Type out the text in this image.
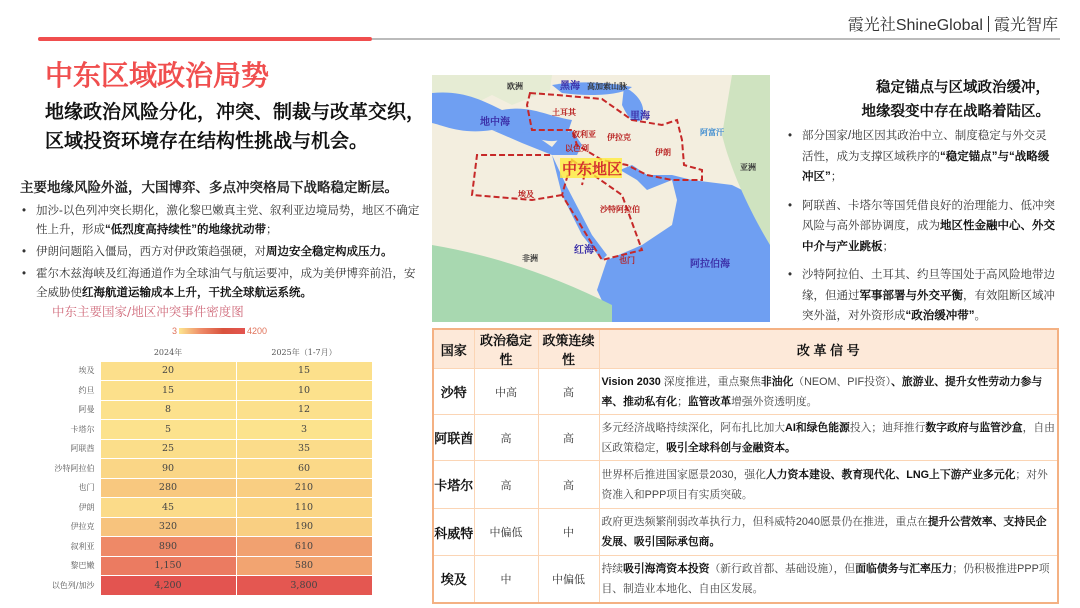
霞光社ShineGlobal 霞光智库
中东区域政治局势
地缘政治风险分化，冲突、制裁与改革交织，
区域投资环境存在结构性挑战与机会。
主要地缘风险外溢，大国博弈、多点冲突格局下战略稳定断层。
• 加沙-以色列冲突长期化，激化黎巴嫩真主党、叙利亚边境局势，地区不确定性上升，形成“低烈度高持续性”的地缘扰动带；
• 伊朗问题陷入僵局，西方对伊政策趋强硬，对周边安全稳定构成压力。
• 霍尔木兹海峡及红海通道作为全球油气与航运要冲，成为美伊博弈前沿，安全威胁使红海航道运输成本上升，干扰全球航运系统。
中东主要国家/地区冲突事件密度图
3	4200
	2024年	2025年（1-7月）
埃及	20	15
约旦	15	10
阿曼	8	12
卡塔尔	5	3
阿联酋	25	35
沙特阿拉伯	90	60
也门	280	210
伊朗	45	110
伊拉克	320	190
叙利亚	890	610
黎巴嫩	1,150	580
以色列/加沙	4,200	3,800
欧洲	黑海 高加索山脉
里海
地中海
土耳其
叙利亚 伊拉克
以色列	伊朗
阿富汗
亚洲
中东地区
埃及
沙特阿拉伯
红海
非洲	也门	阿拉伯海
稳定锚点与区域政治缓冲，
地缘裂变中存在战略着陆区。
• 部分国家/地区因其政治中立、制度稳定与外交灵活性，成为支撑区域秩序的“稳定锚点”与“战略缓冲区”；
• 阿联酋、卡塔尔等国凭借良好的治理能力、低冲突风险与高外部协调度，成为地区性金融中心、外交中介与产业跳板；
• 沙特阿拉伯、土耳其、约旦等国处于高风险地带边缘，但通过军事部署与外交平衡，有效阻断区域冲突外溢，对外资形成“政治缓冲带”。
国家	政治稳定性	政策连续性	改 革 信 号
沙特	中高	高	Vision 2030 深度推进，重点聚焦非油化（NEOM、PIF投资）、旅游业、提升女性劳动力参与率、推动私有化；监管改革增强外资透明度。
阿联酋	高	高	多元经济战略持续深化，阿布扎比加大AI和绿色能源投入；迪拜推行数字政府与监管沙盒，自由区政策稳定，吸引全球科创与金融资本。
卡塔尔	高	高	世界杯后推进国家愿景2030，强化人力资本建设、教育现代化、LNG上下游产业多元化；对外资准入和PPP项目有实质突破。
科威特	中偏低	中	政府更迭频繁削弱改革执行力，但科威特2040愿景仍在推进，重点在提升公营效率、支持民企发展、吸引国际承包商。
埃及	中	中偏低	持续吸引海湾资本投资（新行政首都、基础设施），但面临债务与汇率压力；仍积极推进PPP项目、制造业本地化、自由区发展。
